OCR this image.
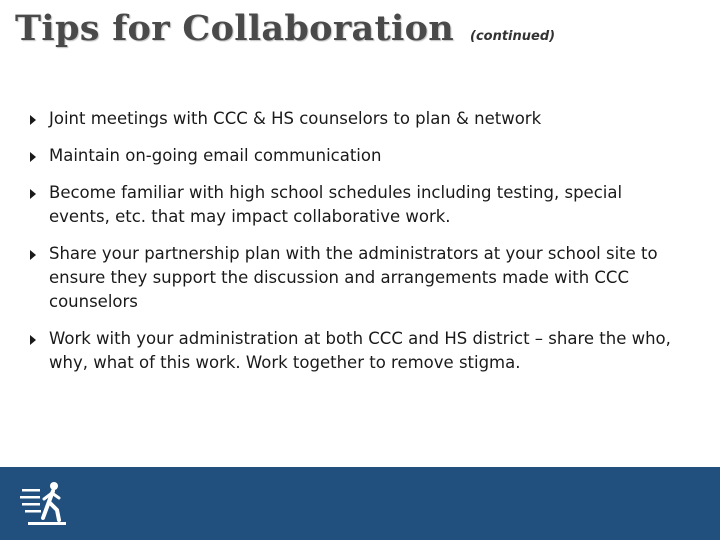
Tips for Collaboration (continued)
Joint meetings with CCC & HS counselors to plan & network
Maintain on-going email communication
Become familiar with high school schedules including testing, special events, etc. that may impact collaborative work.
Share your partnership plan with the administrators at your school site to ensure they support the discussion and arrangements made with CCC counselors
Work with your administration at both CCC and HS district – share the who, why, what of this work. Work together to remove stigma.
